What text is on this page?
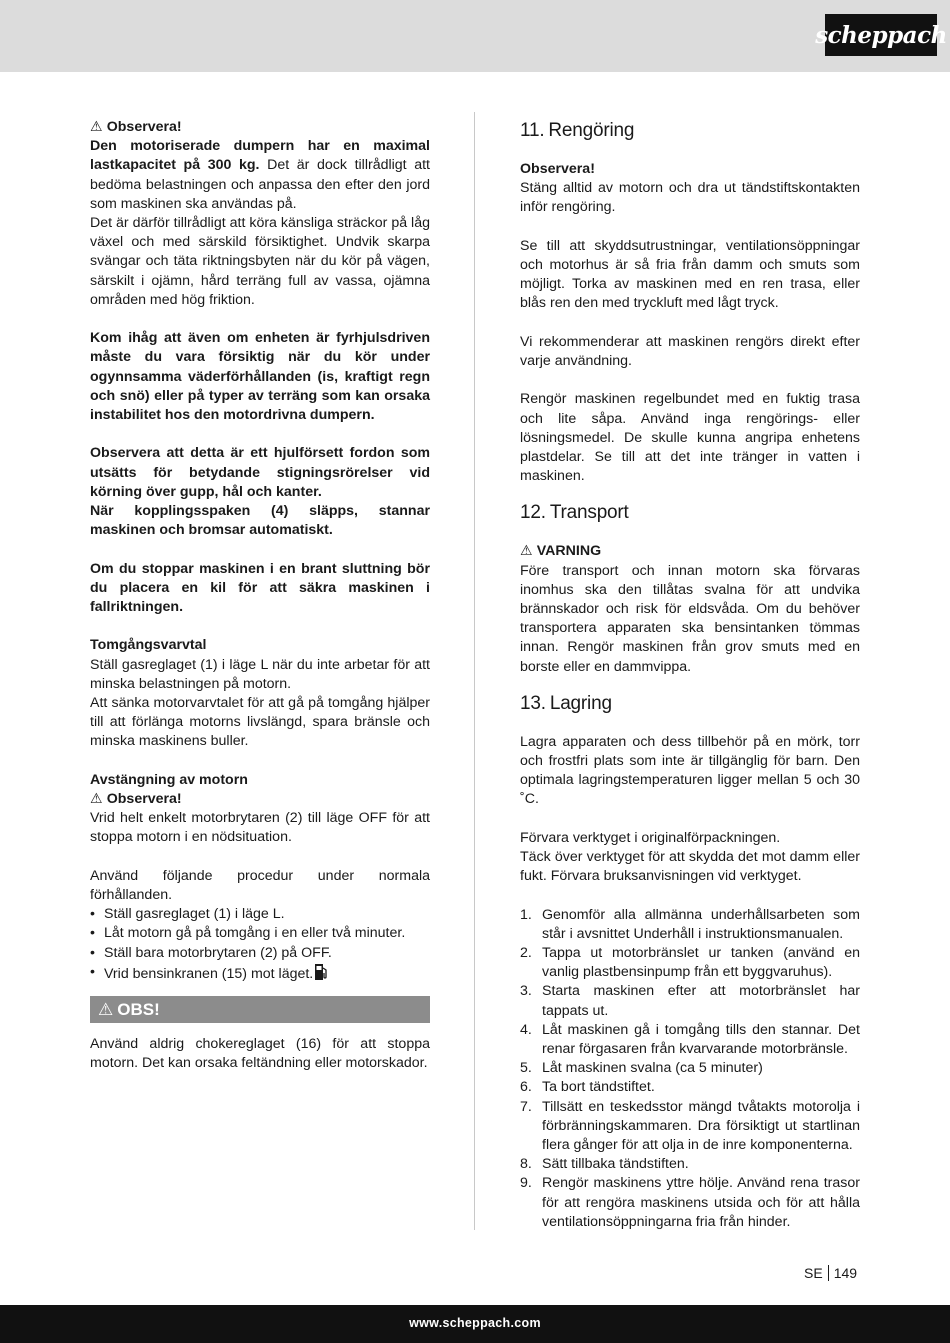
scheppach

⚠ Observera!

Den motoriserade dumpern har en maximal lastkapacitet på 300 kg. Det är dock tillrådligt att bedöma belastningen och anpassa den efter den jord som maskinen ska användas på.

Det är därför tillrådligt att köra känsliga sträckor på låg växel och med särskild försiktighet. Undvik skarpa svängar och täta riktningsbyten när du kör på vägen, särskilt i ojämn, hård terräng full av vassa, ojämna områden med hög friktion.

Kom ihåg att även om enheten är fyrhjulsdriven måste du vara försiktig när du kör under ogynnsamma väderförhållanden (is, kraftigt regn och snö) eller på typer av terräng som kan orsaka instabilitet hos den motordrivna dumpern.

Observera att detta är ett hjulförsett fordon som utsätts för betydande stigningsrörelser vid körning över gupp, hål och kanter.

När kopplingsspaken (4) släpps, stannar maskinen och bromsar automatiskt.

Om du stoppar maskinen i en brant sluttning bör du placera en kil för att säkra maskinen i fallriktningen.

Tomgångsvarvtal

Ställ gasreglaget (1) i läge L när du inte arbetar för att minska belastningen på motorn.

Att sänka motorvarvtalet för att gå på tomgång hjälper till att förlänga motorns livslängd, spara bränsle och minska maskinens buller.

Avstängning av motorn

⚠ Observera!

Vrid helt enkelt motorbrytaren (2) till läge OFF för att stoppa motorn i en nödsituation.

Använd följande procedur under normala förhållanden.

• Ställ gasreglaget (1) i läge L.
• Låt motorn gå på tomgång i en eller två minuter.
• Ställ bara motorbrytaren (2) på OFF.
• Vrid bensinkranen (15) mot läget.
⚠ OBS!

Använd aldrig chokereglaget (16) för att stoppa motorn. Det kan orsaka feltändning eller motorskador.

11. Rengöring

Observera!

Stäng alltid av motorn och dra ut tändstiftskontakten inför rengöring.

Se till att skyddsutrustningar, ventilationsöppningar och motorhus är så fria från damm och smuts som möjligt. Torka av maskinen med en ren trasa, eller blås ren den med tryckluft med lågt tryck.

Vi rekommenderar att maskinen rengörs direkt efter varje användning.

Rengör maskinen regelbundet med en fuktig trasa och lite såpa. Använd inga rengörings- eller lösningsmedel. De skulle kunna angripa enhetens plastdelar. Se till att det inte tränger in vatten i maskinen.

12. Transport

⚠ VARNING

Före transport och innan motorn ska förvaras inomhus ska den tillåtas svalna för att undvika brännskador och risk för eldsvåda. Om du behöver transportera apparaten ska bensintanken tömmas innan. Rengör maskinen från grov smuts med en borste eller en dammvippa.

13. Lagring

Lagra apparaten och dess tillbehör på en mörk, torr och frostfri plats som inte är tillgänglig för barn. Den optimala lagringstemperaturen ligger mellan 5 och 30 ˚C.

Förvara verktyget i originalförpackningen.

Täck över verktyget för att skydda det mot damm eller fukt. Förvara bruksanvisningen vid verktyget.

1. Genomför alla allmänna underhållsarbeten som står i avsnittet Underhåll i instruktionsmanualen.
2. Tappa ut motorbränslet ur tanken (använd en vanlig plastbensinpump från ett byggvaruhus).
3. Starta maskinen efter att motorbränslet har tappats ut.
4. Låt maskinen gå i tomgång tills den stannar. Det renar förgasaren från kvarvarande motorbränsle.
5. Låt maskinen svalna (ca 5 minuter)
6. Ta bort tändstiftet.
7. Tillsätt en teskedsstor mängd tvåtakts motorolja i förbränningskammaren. Dra försiktigt ut startlinan flera gånger för att olja in de inre komponenterna.
8. Sätt tillbaka tändstiften.
9. Rengör maskinens yttre hölje. Använd rena trasor för att rengöra maskinens utsida och för att hålla ventilationsöppningarna fria från hinder.
SE 149
www.scheppach.com
